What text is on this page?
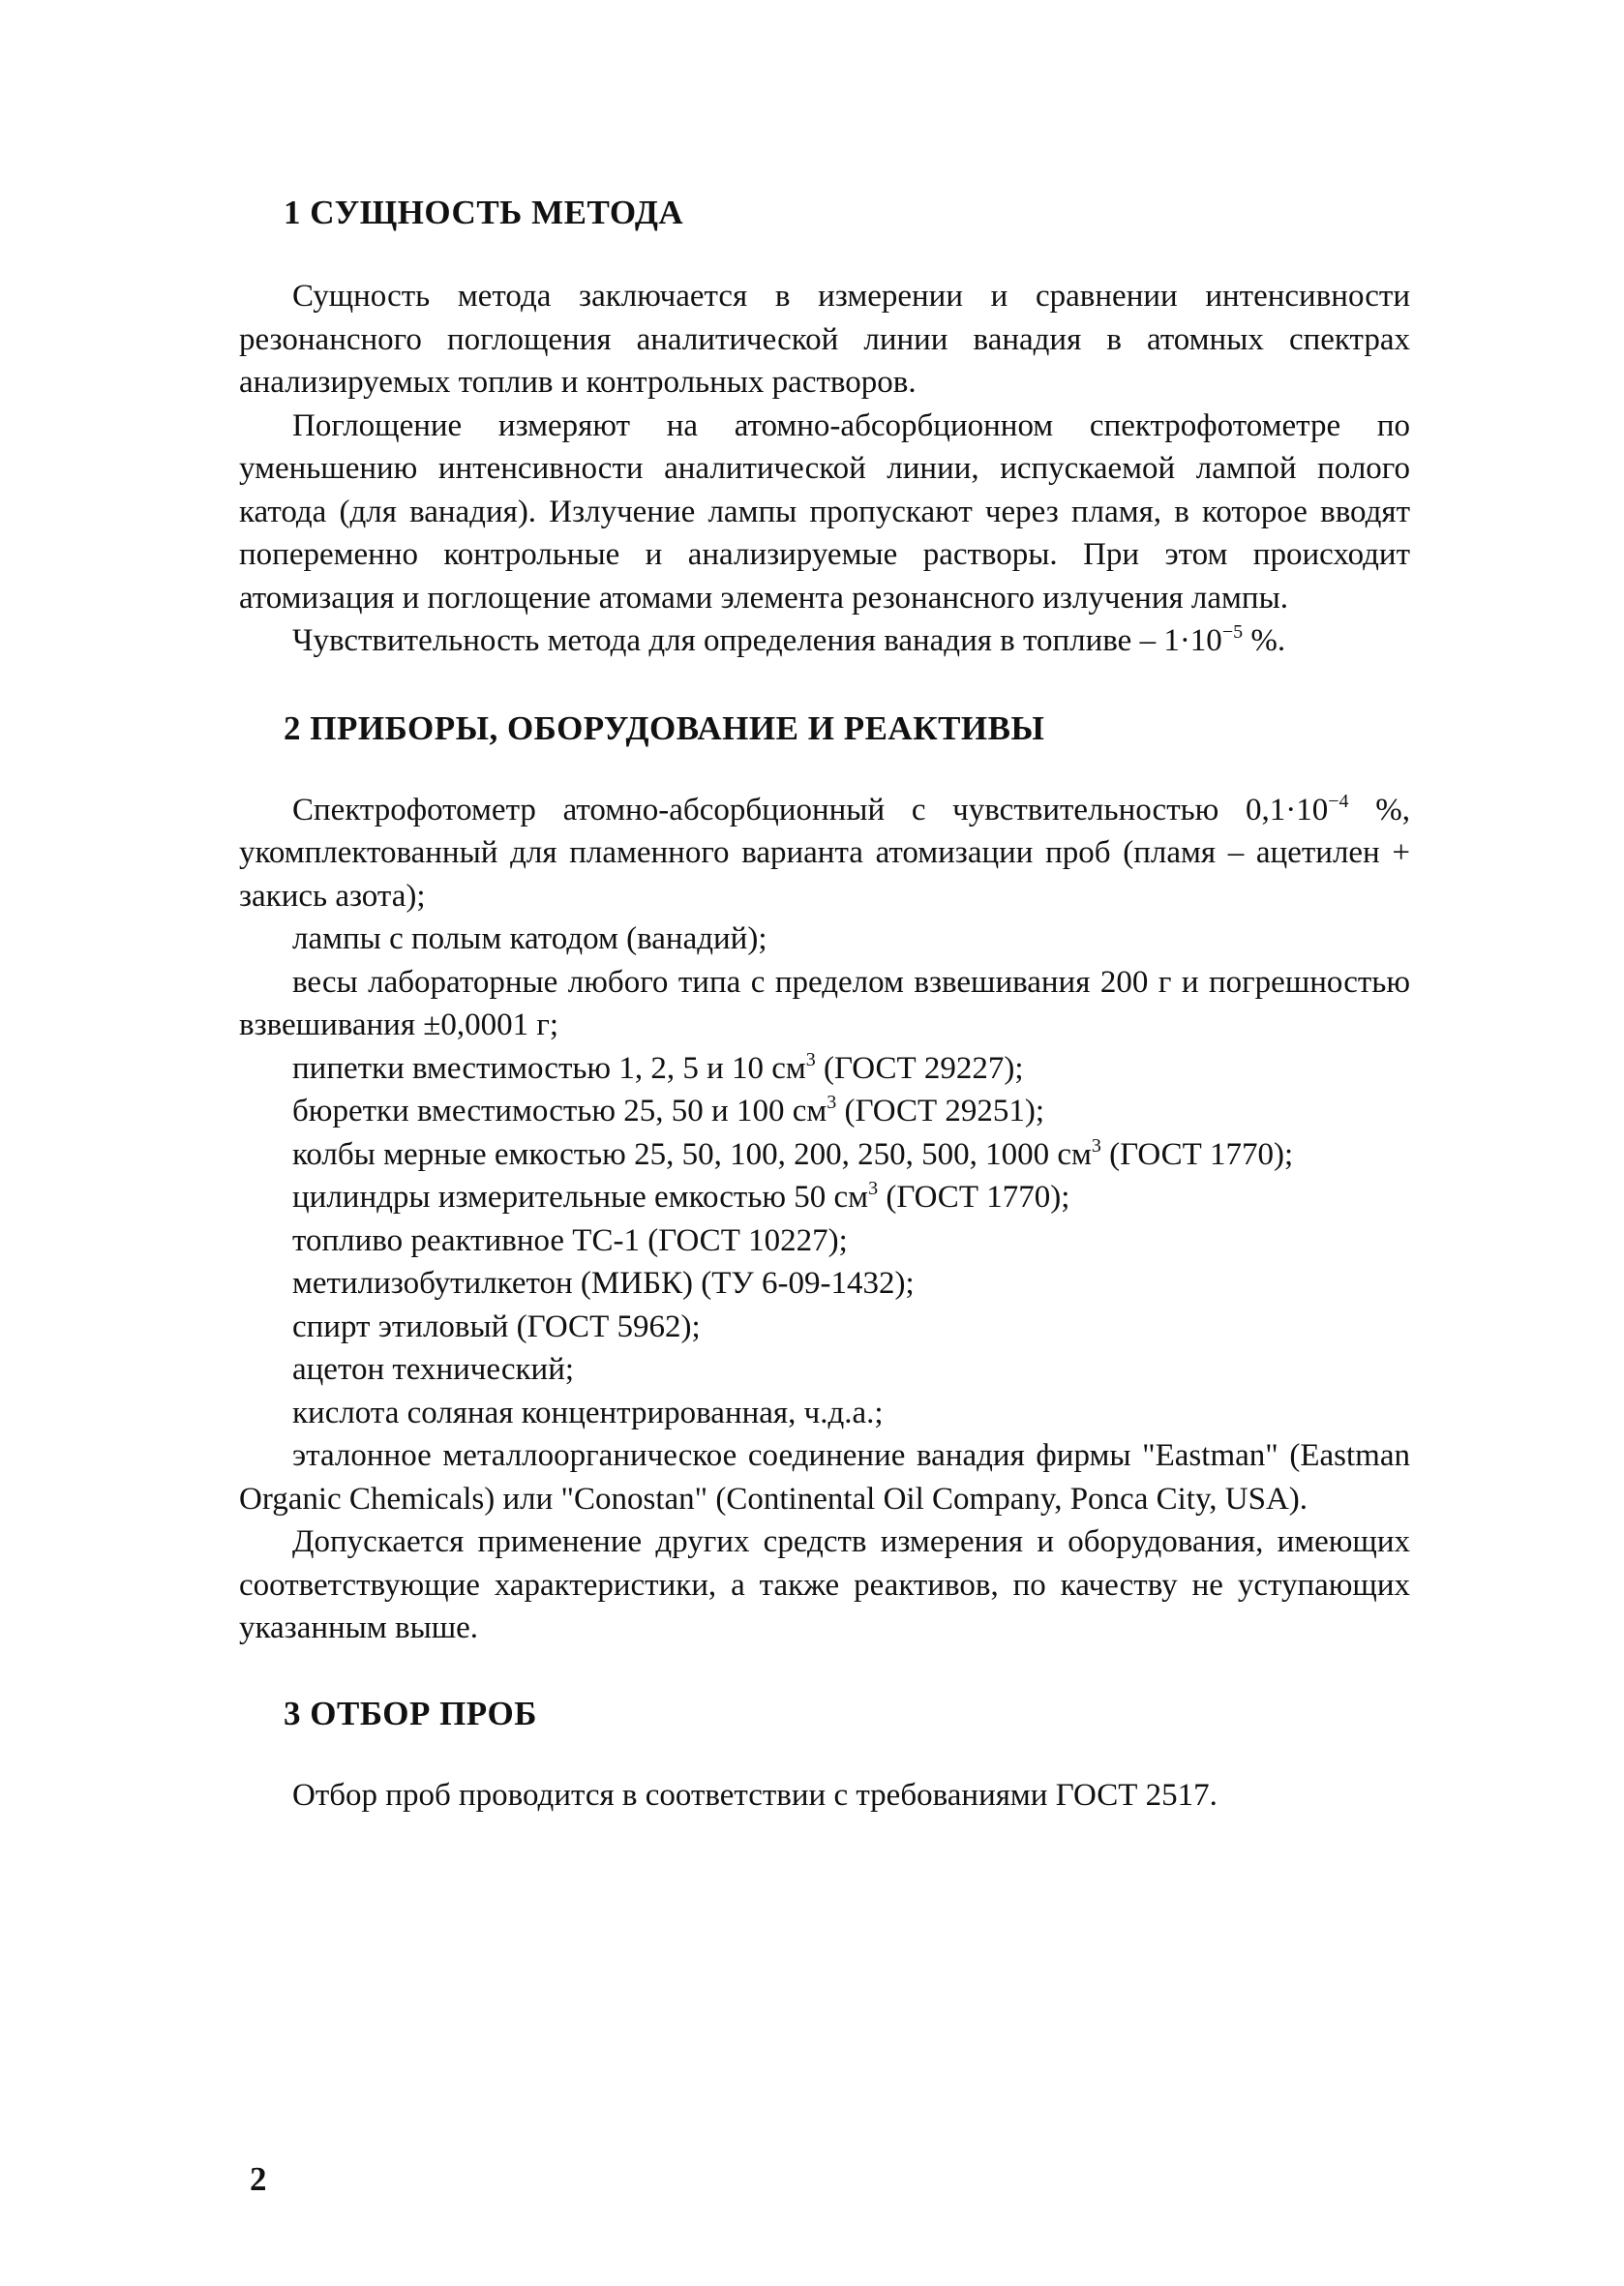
1 СУЩНОСТЬ МЕТОДА

Сущность метода заключается в измерении и сравнении интенсивности резонансного поглощения аналитической линии ванадия в атомных спектрах анализируемых топлив и контрольных растворов.

Поглощение измеряют на атомно-абсорбционном спектрофотометре по уменьшению интенсивности аналитической линии, испускаемой лампой полого катода (для ванадия). Излучение лампы пропускают через пламя, в которое вводят попеременно контрольные и анализируемые растворы. При этом происходит атомизация и поглощение атомами элемента резонансного излучения лампы.

Чувствительность метода для определения ванадия в топливе – $1\cdot 10^{-5}$ %.

2 ПРИБОРЫ, ОБОРУДОВАНИЕ И РЕАКТИВЫ

Спектрофотометр атомно-абсорбционный с чувствительностью $0,1\cdot 10^{-4}$ %, укомплектованный для пламенного варианта атомизации проб (пламя – ацетилен + закись азота);

лампы с полым катодом (ванадий);

весы лабораторные любого типа с пределом взвешивания 200 г и погрешностью взвешивания ±0,0001 г;

пипетки вместимостью 1, 2, 5 и 10 $см^3$ (ГОСТ 29227);

бюретки вместимостью 25, 50 и 100 $см^3$ (ГОСТ 29251);

колбы мерные емкостью 25, 50, 100, 200, 250, 500, 1000 $см^3$ (ГОСТ 1770);

цилиндры измерительные емкостью 50 $см^3$ (ГОСТ 1770);

топливо реактивное ТС-1 (ГОСТ 10227);

метилизобутилкетон (МИБК) (ТУ 6-09-1432);

спирт этиловый (ГОСТ 5962);

ацетон технический;

кислота соляная концентрированная, ч.д.а.;

эталонное металлоорганическое соединение ванадия фирмы "Eastman" (Eastman Organic Chemicals) или "Conostan" (Continental Oil Company, Ponca City, USA).

Допускается применение других средств измерения и оборудования, имеющих соответствующие характеристики, а также реактивов, по качеству не уступающих указанным выше.

3 ОТБОР ПРОБ

Отбор проб проводится в соответствии с требованиями ГОСТ 2517.

2
